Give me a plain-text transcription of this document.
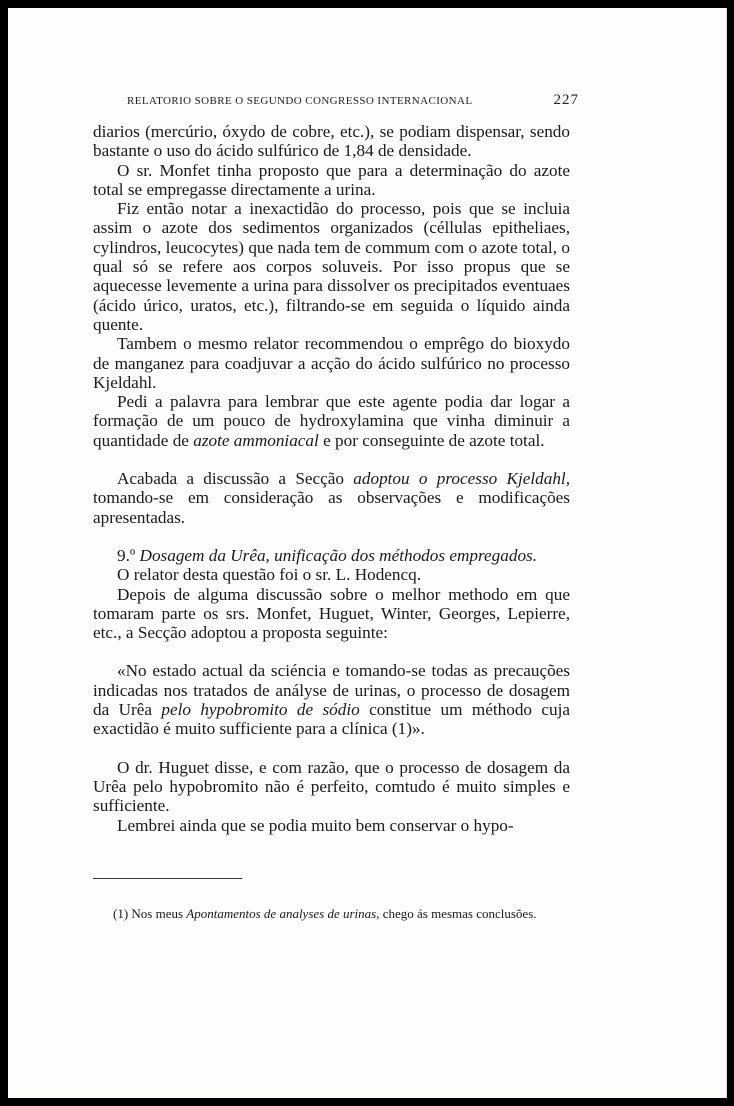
RELATORIO SOBRE O SEGUNDO CONGRESSO INTERNACIONAL	227

diarios (mercúrio, óxydo de cobre, etc.), se podiam dispensar, sendo bastante o uso do ácido sulfúrico de 1,84 de densidade.

O sr. Monfet tinha proposto que para a determinação do azote total se empregasse directamente a urina.

Fiz então notar a inexactidão do processo, pois que se incluia assim o azote dos sedimentos organizados (céllulas epitheliaes, cylindros, leucocytes) que nada tem de commum com o azote total, o qual só se refere aos corpos soluveis. Por isso propus que se aquecesse levemente a urina para dissolver os precipitados eventuaes (ácido úrico, uratos, etc.), filtrando-se em seguida o líquido ainda quente.

Tambem o mesmo relator recommendou o emprêgo do bioxydo de manganez para coadjuvar a acção do ácido sulfúrico no processo Kjeldahl.

Pedi a palavra para lembrar que este agente podia dar logar a formação de um pouco de hydroxylamina que vinha diminuir a quantidade de azote ammoniacal e por conseguinte de azote total.

Acabada a discussão a Secção adoptou o processo Kjeldahl, tomando-se em consideração as observações e modificações apresentadas.

9.º Dosagem da Urêa, unificação dos méthodos empregados.

O relator desta questão foi o sr. L. Hodencq.

Depois de alguma discussão sobre o melhor methodo em que tomaram parte os srs. Monfet, Huguet, Winter, Georges, Lepierre, etc., a Secção adoptou a proposta seguinte:

«No estado actual da sciéncia e tomando-se todas as precauções indicadas nos tratados de anályse de urinas, o processo de dosagem da Urêa pelo hypobromito de sódio constitue um méthodo cuja exactidão é muito sufficiente para a clínica (1)».

O dr. Huguet disse, e com razão, que o processo de dosagem da Urêa pelo hypobromito não é perfeito, comtudo é muito simples e sufficiente.

Lembrei ainda que se podia muito bem conservar o hypo-

(1) Nos meus Apontamentos de analyses de urinas, chego ás mesmas conclusões.
